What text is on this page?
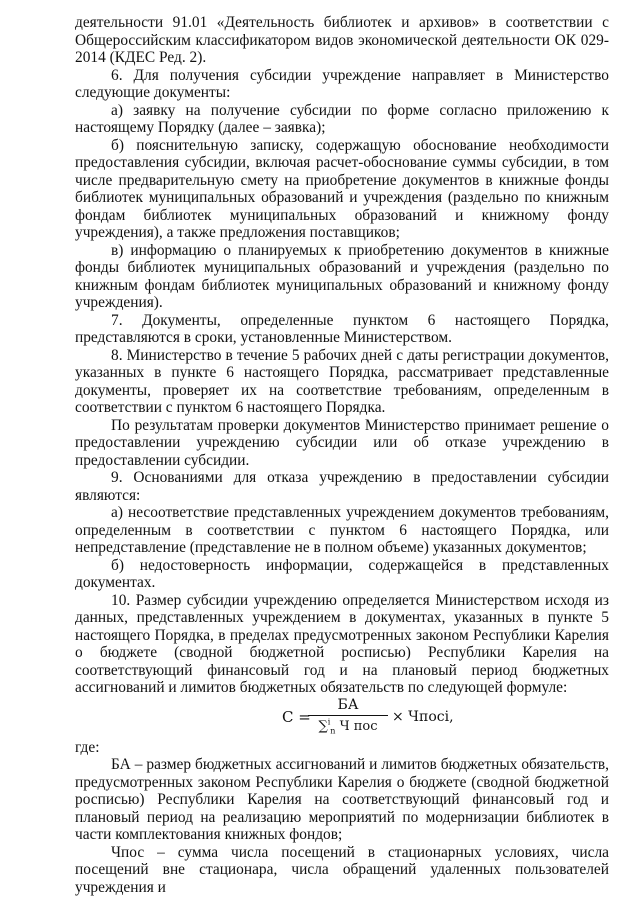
деятельности 91.01 «Деятельность библиотек и архивов» в соответствии с Общероссийским классификатором видов экономической деятельности ОК 029-2014 (КДЕС Ред. 2).

6. Для получения субсидии учреждение направляет в Министерство следующие документы:

а) заявку на получение субсидии по форме согласно приложению к настоящему Порядку (далее – заявка);

б) пояснительную записку, содержащую обоснование необходимости предоставления субсидии, включая расчет-обоснование суммы субсидии, в том числе предварительную смету на приобретение документов в книжные фонды библиотек муниципальных образований и учреждения (раздельно по книжным фондам библиотек муниципальных образований и книжному фонду учреждения), а также предложения поставщиков;

в) информацию о планируемых к приобретению документов в книжные фонды библиотек муниципальных образований и учреждения (раздельно по книжным фондам библиотек муниципальных образований и книжному фонду учреждения).

7. Документы, определенные пунктом 6 настоящего Порядка, представляются в сроки, установленные Министерством.

8. Министерство в течение 5 рабочих дней с даты регистрации документов, указанных в пункте 6 настоящего Порядка, рассматривает представленные документы, проверяет их на соответствие требованиям, определенным в соответствии с пунктом 6 настоящего Порядка.

По результатам проверки документов Министерство принимает решение о предоставлении учреждению субсидии или об отказе учреждению в предоставлении субсидии.

9. Основаниями для отказа учреждению в предоставлении субсидии являются:

а) несоответствие представленных учреждением документов требованиям, определенным в соответствии с пунктом 6 настоящего Порядка, или непредставление (представление не в полном объеме) указанных документов;

б) недостоверность информации, содержащейся в представленных документах.

10. Размер субсидии учреждению определяется Министерством исходя из данных, представленных учреждением в документах, указанных в пункте 5 настоящего Порядка, в пределах предусмотренных законом Республики Карелия о бюджете (сводной бюджетной росписью) Республики Карелия на соответствующий финансовый год и на плановый период бюджетных ассигнований и лимитов бюджетных обязательств по следующей формуле:

С =
БА
∑$^i_n$ Ч пос
× Чпосi,

где:

БА – размер бюджетных ассигнований и лимитов бюджетных обязательств, предусмотренных законом Республики Карелия о бюджете (сводной бюджетной росписью) Республики Карелия на соответствующий финансовый год и плановый период на реализацию мероприятий по модернизации библиотек в части комплектования книжных фондов;

Чпос – сумма числа посещений в стационарных условиях, числа посещений вне стационара, числа обращений удаленных пользователей учреждения и
